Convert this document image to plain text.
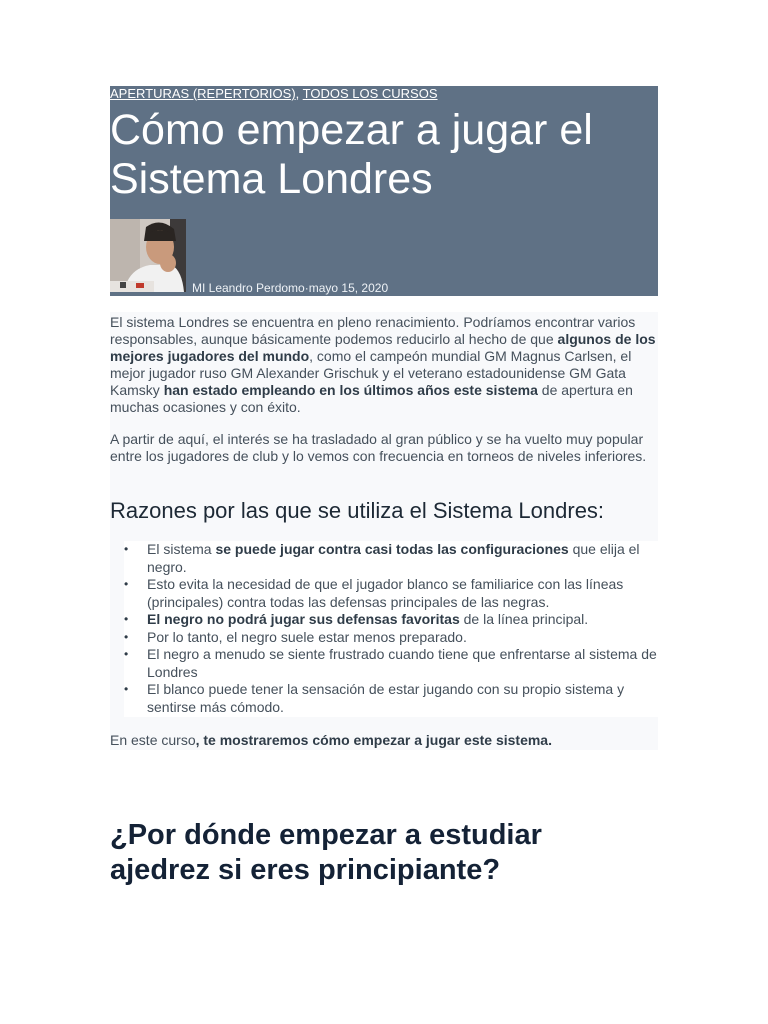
APERTURAS (REPERTORIOS), TODOS LOS CURSOS
Cómo empezar a jugar el
Sistema Londres
MI Leandro Perdomo·mayo 15, 2020

El sistema Londres se encuentra en pleno renacimiento. Podríamos encontrar varios responsables, aunque básicamente podemos reducirlo al hecho de que algunos de los mejores jugadores del mundo, como el campeón mundial GM Magnus Carlsen, el mejor jugador ruso GM Alexander Grischuk y el veterano estadounidense GM Gata Kamsky han estado empleando en los últimos años este sistema de apertura en muchas ocasiones y con éxito.

A partir de aquí, el interés se ha trasladado al gran público y se ha vuelto muy popular entre los jugadores de club y lo vemos con frecuencia en torneos de niveles inferiores.

Razones por las que se utiliza el Sistema Londres:
•	El sistema se puede jugar contra casi todas las configuraciones que elija el negro.
•	Esto evita la necesidad de que el jugador blanco se familiarice con las líneas (principales) contra todas las defensas principales de las negras.
•	El negro no podrá jugar sus defensas favoritas de la línea principal.
•	Por lo tanto, el negro suele estar menos preparado.
•	El negro a menudo se siente frustrado cuando tiene que enfrentarse al sistema de Londres
•	El blanco puede tener la sensación de estar jugando con su propio sistema y sentirse más cómodo.

En este curso, te mostraremos cómo empezar a jugar este sistema.

¿Por dónde empezar a estudiar
ajedrez si eres principiante?
